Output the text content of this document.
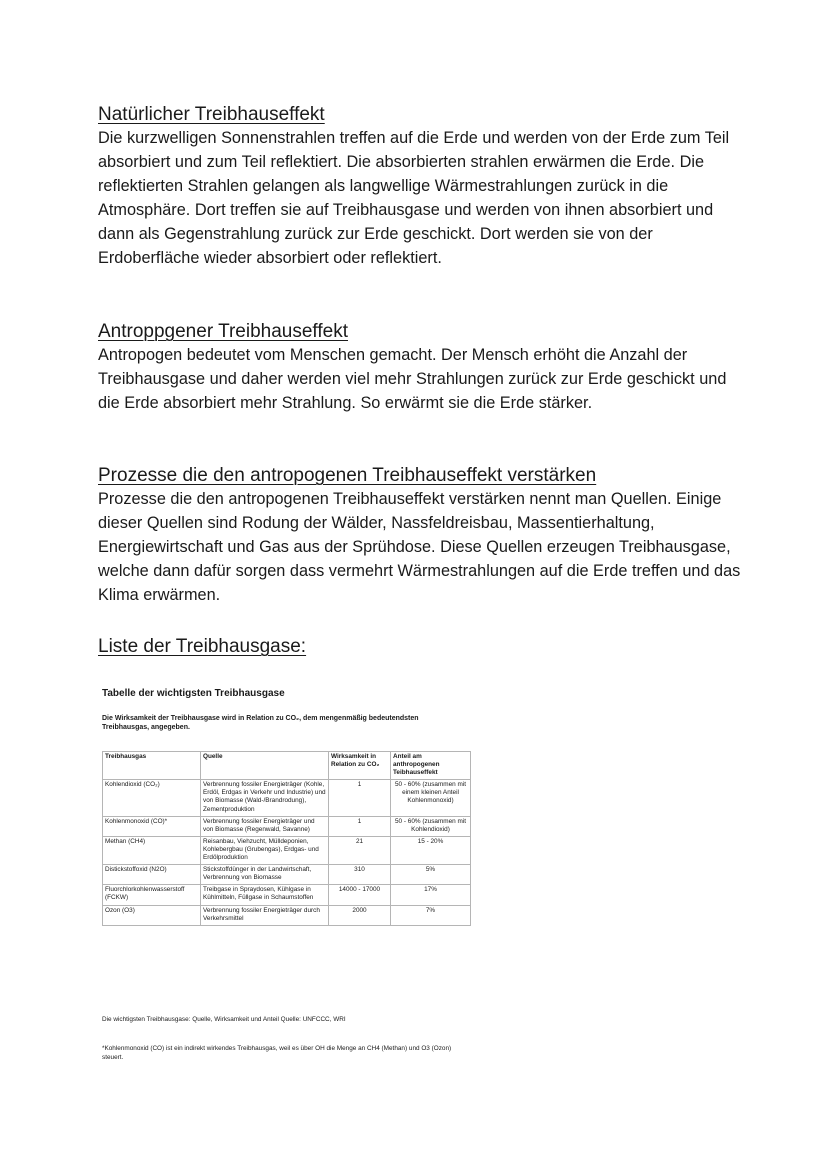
Natürlicher Treibhauseffekt

Die kurzwelligen Sonnenstrahlen treffen auf die Erde und werden von der Erde zum Teil absorbiert und zum Teil reflektiert. Die absorbierten strahlen erwärmen die Erde. Die reflektierten Strahlen gelangen als langwellige Wärmestrahlungen zurück in die Atmosphäre. Dort treffen sie auf Treibhausgase und werden von ihnen absorbiert und dann als Gegenstrahlung zurück zur Erde geschickt. Dort werden sie von der Erdoberfläche wieder absorbiert oder reflektiert.

Antroppgener Treibhauseffekt

Antropogen bedeutet vom Menschen gemacht. Der Mensch erhöht die Anzahl der Treibhausgase und daher werden viel mehr Strahlungen zurück zur Erde geschickt und die Erde absorbiert mehr Strahlung. So erwärmt sie die Erde stärker.

Prozesse die den antropogenen Treibhauseffekt verstärken

Prozesse die den antropogenen Treibhauseffekt verstärken nennt man Quellen. Einige dieser Quellen sind Rodung der Wälder, Nassfeldreisbau, Massentierhaltung, Energiewirtschaft und Gas aus der Sprühdose. Diese Quellen erzeugen Treibhausgase, welche dann dafür sorgen dass vermehrt Wärmestrahlungen auf die Erde treffen und das Klima erwärmen.

Liste der Treibhausgase:

Tabelle der wichtigsten Treibhausgase

Die Wirksamkeit der Treibhausgase wird in Relation zu CO₂, dem mengenmäßig bedeutendsten Treibhausgas, angegeben.

Treibhausgas	Quelle	Wirksamkeit in Relation zu CO₂	Anteil am anthropogenen Teibhauseffekt
Kohlendioxid (CO₂)	Verbrennung fossiler Energieträger (Kohle, Erdöl, Erdgas in Verkehr und Industrie) und von Biomasse (Wald-/Brandrodung), Zementproduktion	1	50 - 60% (zusammen mit einem kleinen Anteil Kohlenmonoxid)
Kohlenmonoxid (CO)*	Verbrennung fossiler Energieträger und von Biomasse (Regenwald, Savanne)	1	50 - 60% (zusammen mit Kohlendioxid)
Methan (CH4)	Reisanbau, Viehzucht, Mülldeponien, Kohlebergbau (Grubengas), Erdgas- und Erdölproduktion	21	15 - 20%
Distickstoffoxid (N2O)	Stickstoffdünger in der Landwirtschaft, Verbrennung von Biomasse	310	5%
Fluorchlorkohlenwasserstoff (FCKW)	Treibgase in Spraydosen, Kühlgase in Kühlmitteln, Füllgase in Schaumstoffen	14000 - 17000	17%
Ozon (O3)	Verbrennung fossiler Energieträger durch Verkehrsmittel	2000	7%

Die wichtigsten Treibhausgase: Quelle, Wirksamkeit und Anteil Quelle: UNFCCC, WRI

*Kohlenmonoxid (CO) ist ein indirekt wirkendes Treibhausgas, weil es über OH die Menge an CH4 (Methan) und O3 (Ozon) steuert.
